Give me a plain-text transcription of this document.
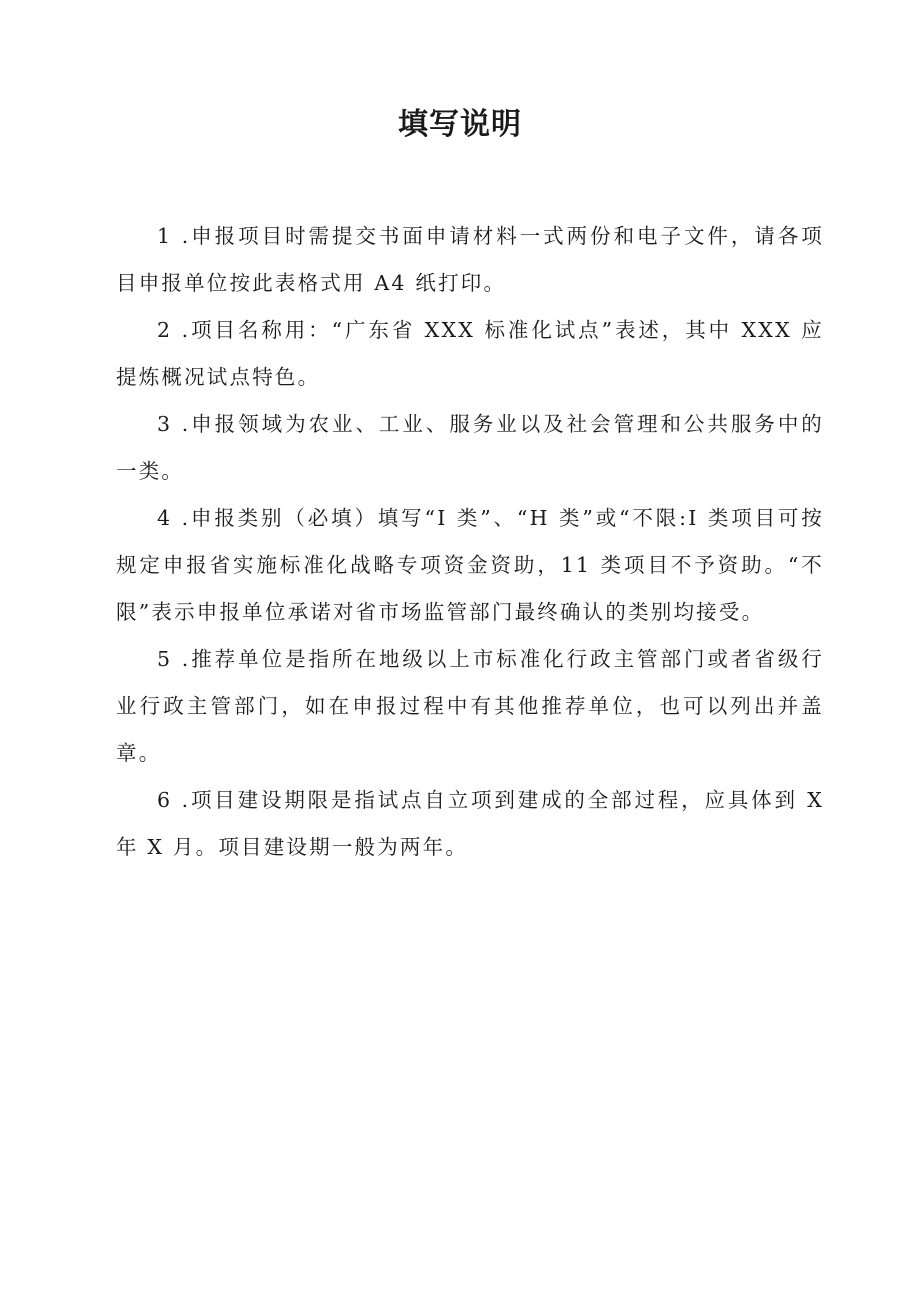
填写说明

1 .申报项目时需提交书面申请材料一式两份和电子文件，请各项目申报单位按此表格式用 A4 纸打印。

2 .项目名称用：“广东省 XXX 标准化试点”表述，其中 XXX 应提炼概况试点特色。

3 .申报领域为农业、工业、服务业以及社会管理和公共服务中的一类。

4 .申报类别（必填）填写“I 类”、“H 类”或“不限:I 类项目可按规定申报省实施标准化战略专项资金资助，11 类项目不予资助。“不限”表示申报单位承诺对省市场监管部门最终确认的类别均接受。

5 .推荐单位是指所在地级以上市标准化行政主管部门或者省级行业行政主管部门，如在申报过程中有其他推荐单位，也可以列出并盖章。

6 .项目建设期限是指试点自立项到建成的全部过程，应具体到 X 年 X 月。项目建设期一般为两年。
